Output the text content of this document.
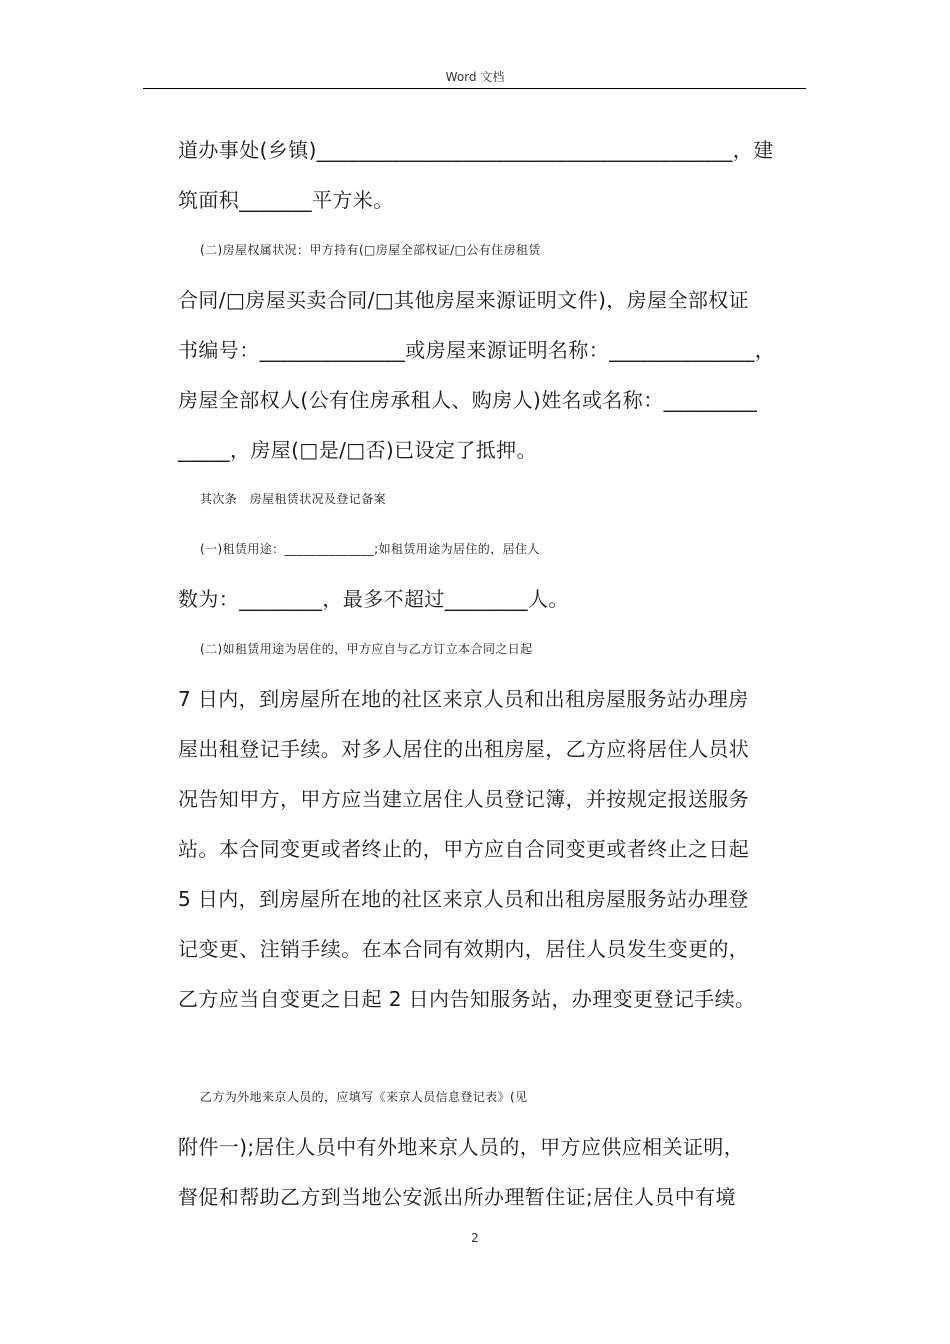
Word 文档
道办事处(乡镇)________________________________________，建
筑面积_______平方米。
(二)房屋权属状况：甲方持有(□房屋全部权证/□公有住房租赁
合同/□房屋买卖合同/□其他房屋来源证明文件)，房屋全部权证
书编号：______________或房屋来源证明名称：______________，
房屋全部权人(公有住房承租人、购房人)姓名或名称：_________
_____，房屋(□是/□否)已设定了抵押。
其次条　房屋租赁状况及登记备案
(一)租赁用途：______________;如租赁用途为居住的，居住人
数为：________，最多不超过________人。
(二)如租赁用途为居住的，甲方应自与乙方订立本合同之日起
7 日内，到房屋所在地的社区来京人员和出租房屋服务站办理房
屋出租登记手续。对多人居住的出租房屋，乙方应将居住人员状
况告知甲方，甲方应当建立居住人员登记簿，并按规定报送服务
站。本合同变更或者终止的，甲方应自合同变更或者终止之日起
5 日内，到房屋所在地的社区来京人员和出租房屋服务站办理登
记变更、注销手续。在本合同有效期内，居住人员发生变更的，
乙方应当自变更之日起 2 日内告知服务站，办理变更登记手续。
乙方为外地来京人员的，应填写《来京人员信息登记表》(见
附件一);居住人员中有外地来京人员的，甲方应供应相关证明，
督促和帮助乙方到当地公安派出所办理暂住证;居住人员中有境
2
